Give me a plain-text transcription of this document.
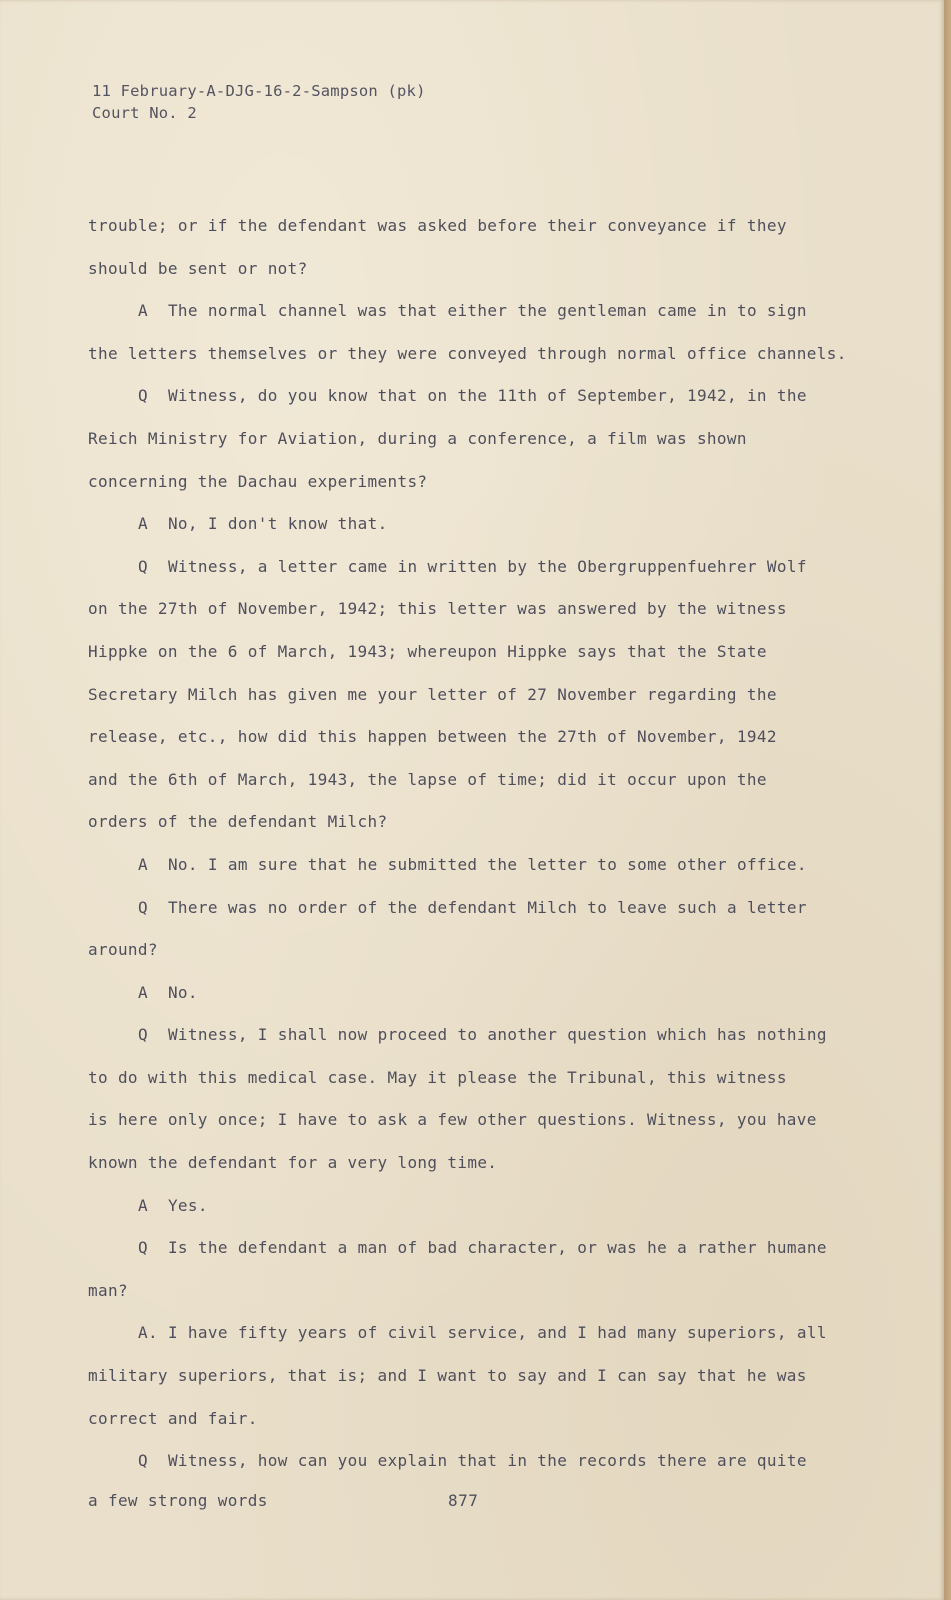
11 February-A-DJG-16-2-Sampson (pk)
Court No. 2
trouble; or if the defendant was asked before their conveyance if they
should be sent or not?
A  The normal channel was that either the gentleman came in to sign
the letters themselves or they were conveyed through normal office channels.
Q  Witness, do you know that on the 11th of September, 1942, in the
Reich Ministry for Aviation, during a conference, a film was shown
concerning the Dachau experiments?
A  No, I don't know that.
Q  Witness, a letter came in written by the Obergruppenfuehrer Wolf
on the 27th of November, 1942; this letter was answered by the witness
Hippke on the 6 of March, 1943; whereupon Hippke says that the State
Secretary Milch has given me your letter of 27 November regarding the
release, etc., how did this happen between the 27th of November, 1942
and the 6th of March, 1943, the lapse of time; did it occur upon the
orders of the defendant Milch?
A  No. I am sure that he submitted the letter to some other office.
Q  There was no order of the defendant Milch to leave such a letter
around?
A  No.
Q  Witness, I shall now proceed to another question which has nothing
to do with this medical case. May it please the Tribunal, this witness
is here only once; I have to ask a few other questions. Witness, you have
known the defendant for a very long time.
A  Yes.
Q  Is the defendant a man of bad character, or was he a rather humane
man?
A. I have fifty years of civil service, and I had many superiors, all
military superiors, that is; and I want to say and I can say that he was
correct and fair.
Q  Witness, how can you explain that in the records there are quite
a few strong words	877
